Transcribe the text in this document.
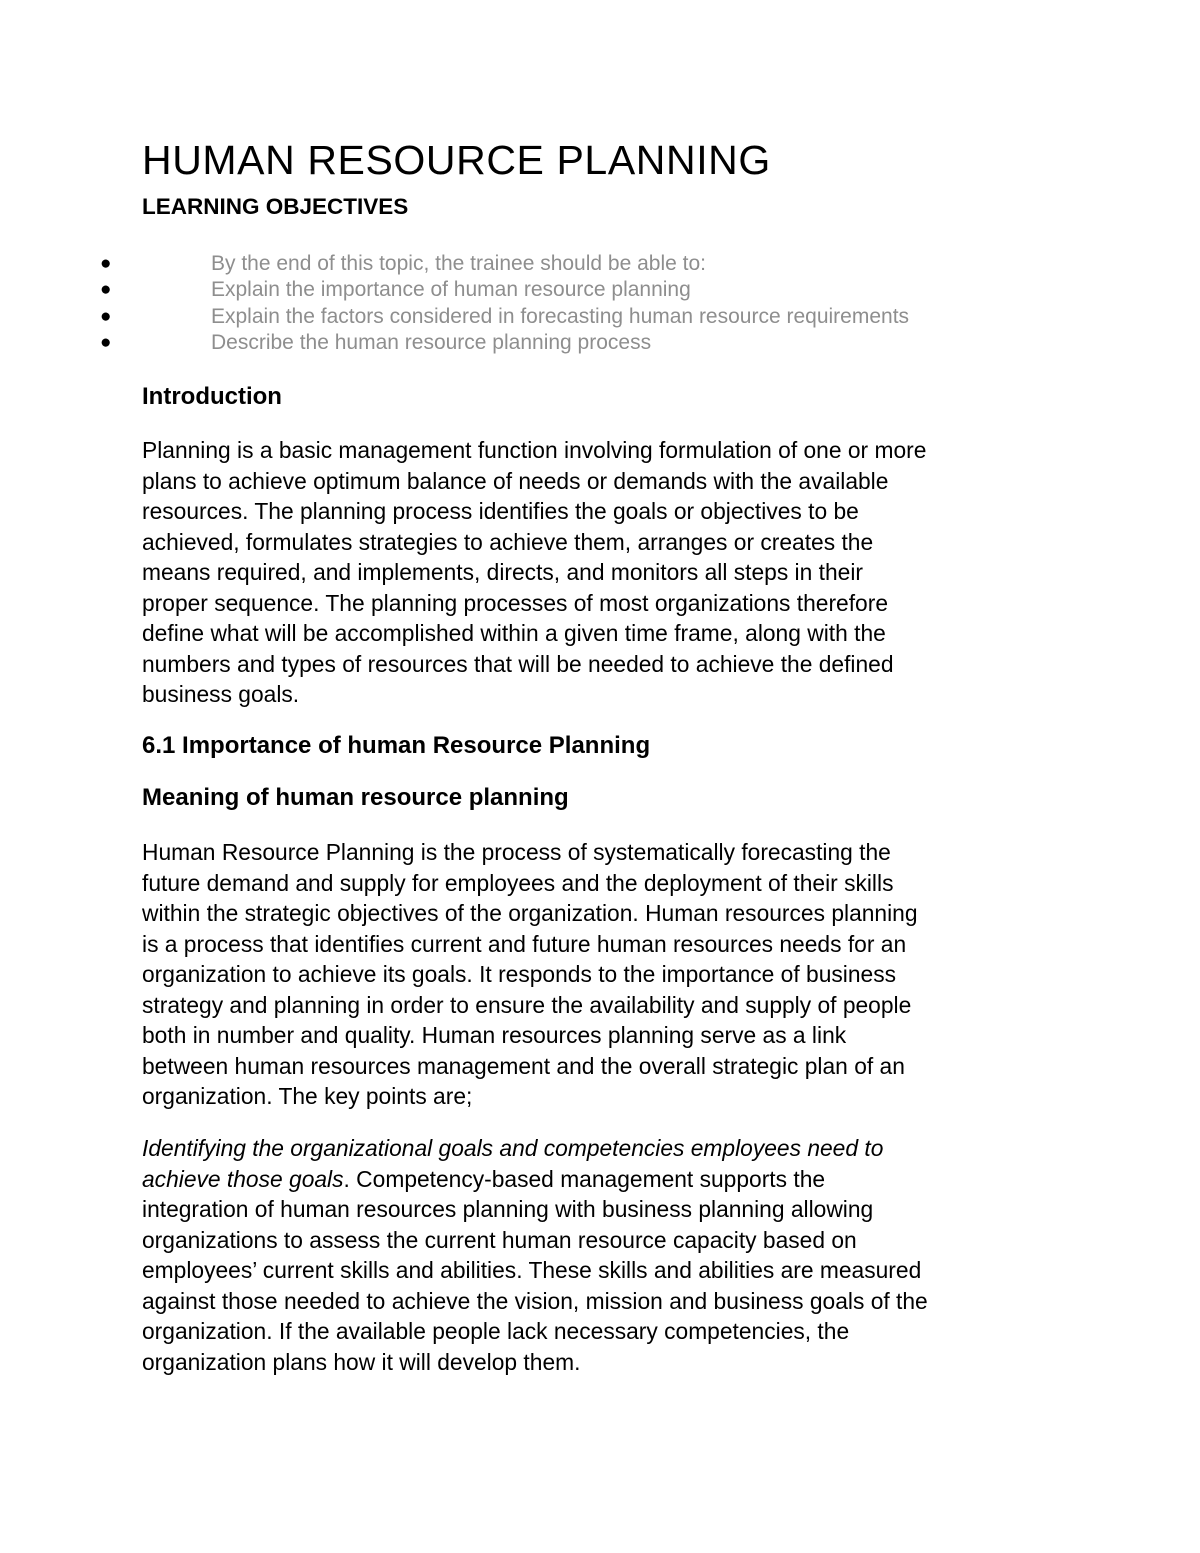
HUMAN RESOURCE PLANNING
LEARNING OBJECTIVES
●	By the end of this topic, the trainee should be able to:
●	Explain the importance of human resource planning
●	Explain the factors considered in forecasting human resource requirements
●	Describe the human resource planning process
Introduction

Planning is a basic management function involving formulation of one or more
plans to achieve optimum balance of needs or demands with the available
resources. The planning process identifies the goals or objectives to be
achieved, formulates strategies to achieve them, arranges or creates the
means required, and implements, directs, and monitors all steps in their
proper sequence. The planning processes of most organizations therefore
define what will be accomplished within a given time frame, along with the
numbers and types of resources that will be needed to achieve the defined
business goals.

6.1 Importance of human Resource Planning
Meaning of human resource planning

Human Resource Planning is the process of systematically forecasting the
future demand and supply for employees and the deployment of their skills
within the strategic objectives of the organization. Human resources planning
is a process that identifies current and future human resources needs for an
organization to achieve its goals. It responds to the importance of business
strategy and planning in order to ensure the availability and supply of people
both in number and quality. Human resources planning serve as a link
between human resources management and the overall strategic plan of an
organization. The key points are;

Identifying the organizational goals and competencies employees need to
achieve those goals. Competency-based management supports the
integration of human resources planning with business planning allowing
organizations to assess the current human resource capacity based on
employees’ current skills and abilities. These skills and abilities are measured
against those needed to achieve the vision, mission and business goals of the
organization. If the available people lack necessary competencies, the
organization plans how it will develop them.
